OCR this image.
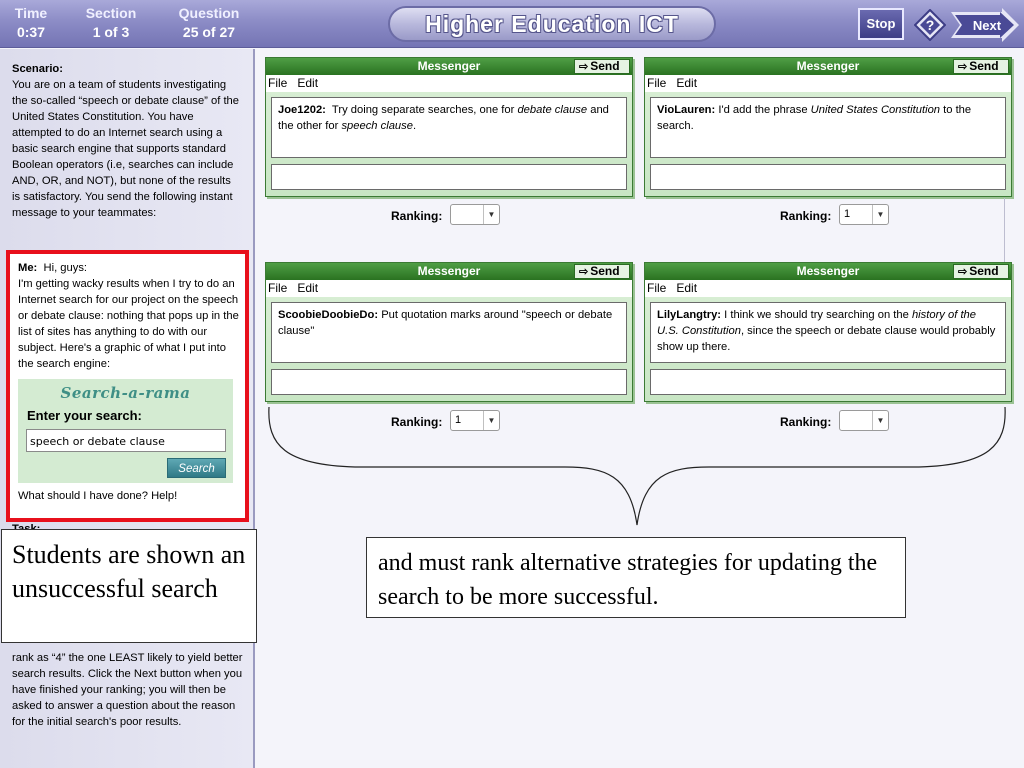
Time
0:37
Section
1 of 3
Question
25 of 27	Higher Education ICT	Stop	?	Next
Scenario:
You are on a team of students investigating the so-called “speech or debate clause” of the United States Constitution. You have attempted to do an Internet search using a basic search engine that supports standard Boolean operators (i.e, searches can include AND, OR, and NOT), but none of the results is satisfactory. You send the following instant message to your teammates:
Me: Hi, guys:
I'm getting wacky results when I try to do an Internet search for our project on the speech or debate clause: nothing that pops up in the list of sites has anything to do with our subject. Here's a graphic of what I put into the search engine:
Search-a-rama
Enter your search:
speech or debate clause
Search
What should I have done? Help!
rank as “4” the one LEAST likely to yield better search results. Click the Next button when you have finished your ranking; you will then be asked to answer a question about the reason for the initial search's poor results.
Students are shown an unsuccessful search
and must rank alternative strategies for updating the search to be more successful.
Messenger	⇨ Send
File Edit
Joe1202: Try doing separate searches, one for debate clause and the other for speech clause.
Ranking:	▼
Messenger	⇨ Send
File Edit
VioLauren: I'd add the phrase United States Constitution to the search.
Ranking: 1	▼
Messenger	⇨ Send
File Edit
ScoobieDoobieDo: Put quotation marks around "speech or debate clause"
Ranking: 1	▼
Messenger	⇨ Send
File Edit
LilyLangtry: I think we should try searching on the history of the U.S. Constitution, since the speech or debate clause would probably show up there.
Ranking:	▼
